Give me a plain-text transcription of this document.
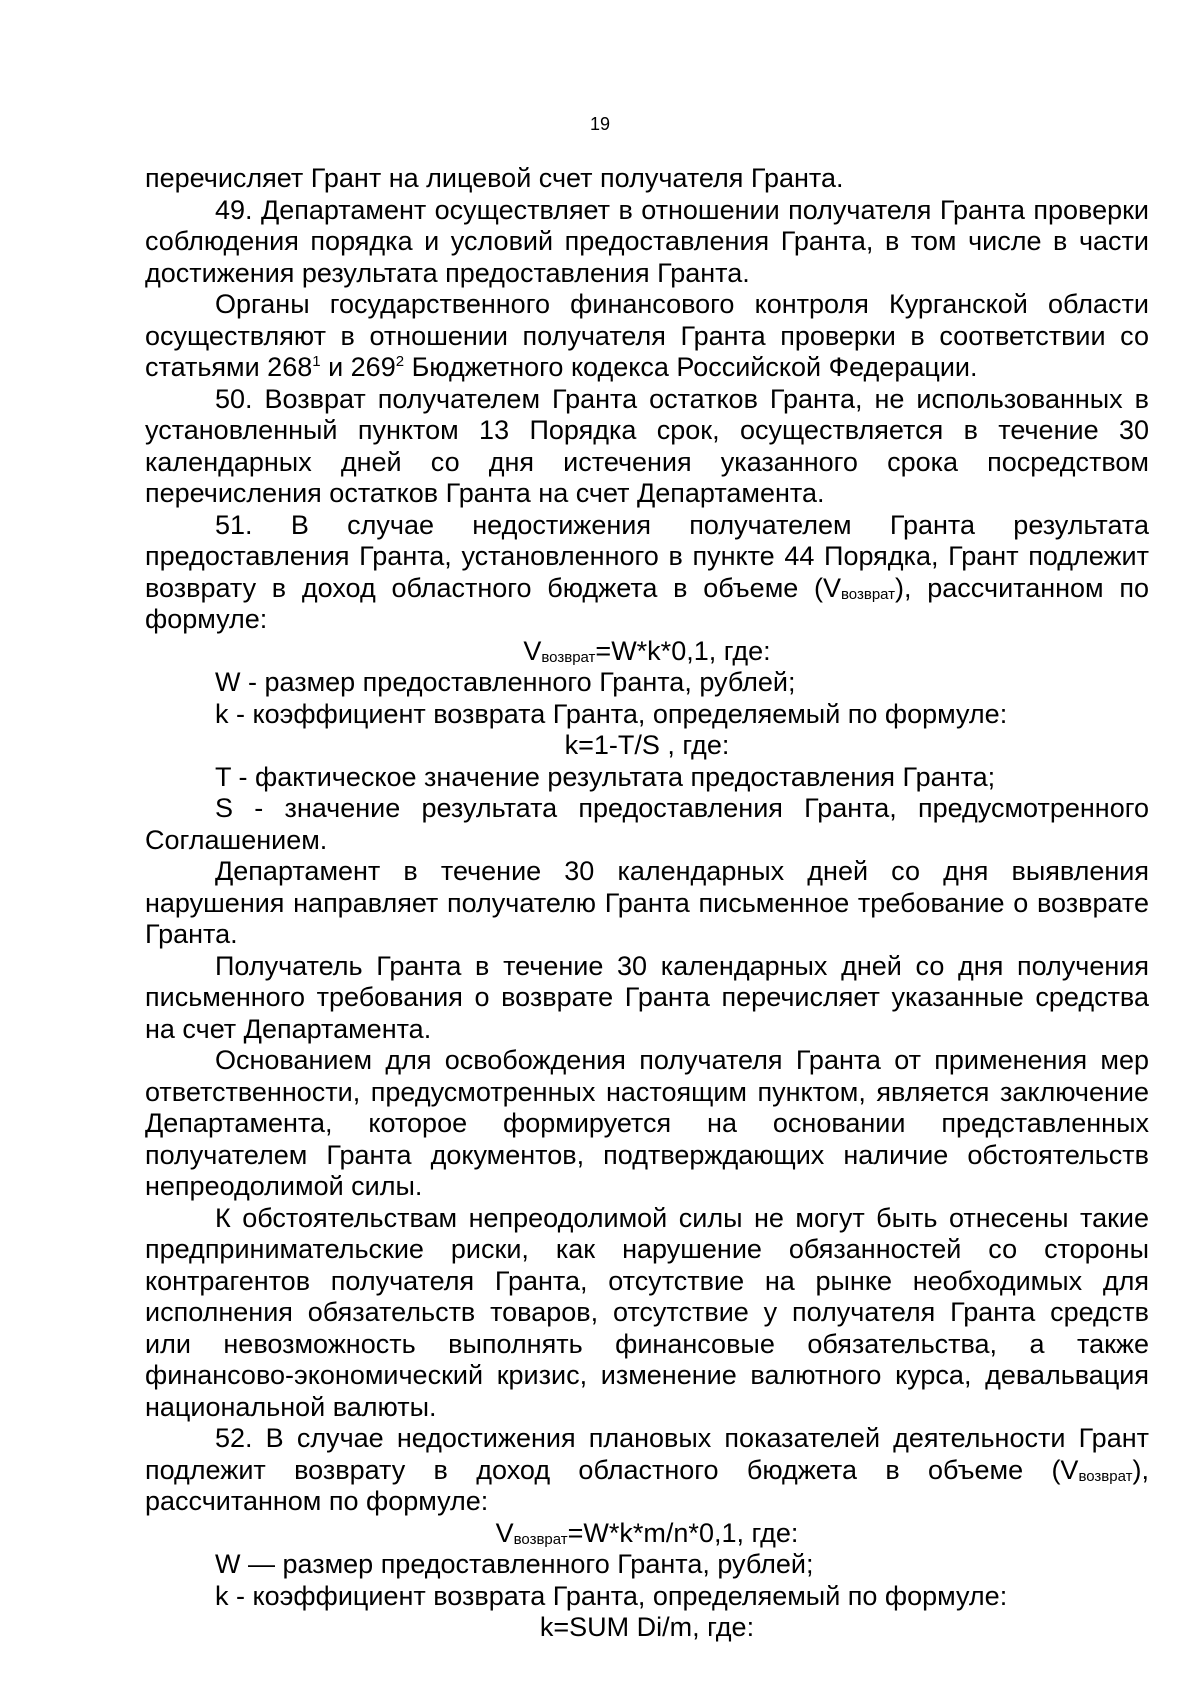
19

перечисляет Грант на лицевой счет получателя Гранта.

49. Департамент осуществляет в отношении получателя Гранта проверки соблюдения порядка и условий предоставления Гранта, в том числе в части достижения результата предоставления Гранта.

Органы государственного финансового контроля Курганской области осуществляют в отношении получателя Гранта проверки в соответствии со статьями $268^1$ и $269^2$ Бюджетного кодекса Российской Федерации.

50. Возврат получателем Гранта остатков Гранта, не использованных в установленный пунктом 13 Порядка срок, осуществляется в течение 30 календарных дней со дня истечения указанного срока посредством перечисления остатков Гранта на счет Департамента.

51. В случае недостижения получателем Гранта результата предоставления Гранта, установленного в пункте 44 Порядка, Грант подлежит возврату в доход областного бюджета в объеме $(V_{возврат})$, рассчитанном по формуле:

$V_{возврат}=W*k*0,1$, где:

W - размер предоставленного Гранта, рублей;

k - коэффициент возврата Гранта, определяемый по формуле:

k=1-T/S , где:

T - фактическое значение результата предоставления Гранта;

S - значение результата предоставления Гранта, предусмотренного Соглашением.

Департамент в течение 30 календарных дней со дня выявления нарушения направляет получателю Гранта письменное требование о возврате Гранта.

Получатель Гранта в течение 30 календарных дней со дня получения письменного требования о возврате Гранта перечисляет указанные средства на счет Департамента.

Основанием для освобождения получателя Гранта от применения мер ответственности, предусмотренных настоящим пунктом, является заключение Департамента, которое формируется на основании представленных получателем Гранта документов, подтверждающих наличие обстоятельств непреодолимой силы.

К обстоятельствам непреодолимой силы не могут быть отнесены такие предпринимательские риски, как нарушение обязанностей со стороны контрагентов получателя Гранта, отсутствие на рынке необходимых для исполнения обязательств товаров, отсутствие у получателя Гранта средств или невозможность выполнять финансовые обязательства, а также финансово-экономический кризис, изменение валютного курса, девальвация национальной валюты.

52. В случае недостижения плановых показателей деятельности Грант подлежит возврату в доход областного бюджета в объеме $(V_{возврат})$, рассчитанном по формуле:

$V_{возврат}=W*k*m/n*0,1$, где:

W — размер предоставленного Гранта, рублей;

k - коэффициент возврата Гранта, определяемый по формуле:

k=SUM Di/m, где:
